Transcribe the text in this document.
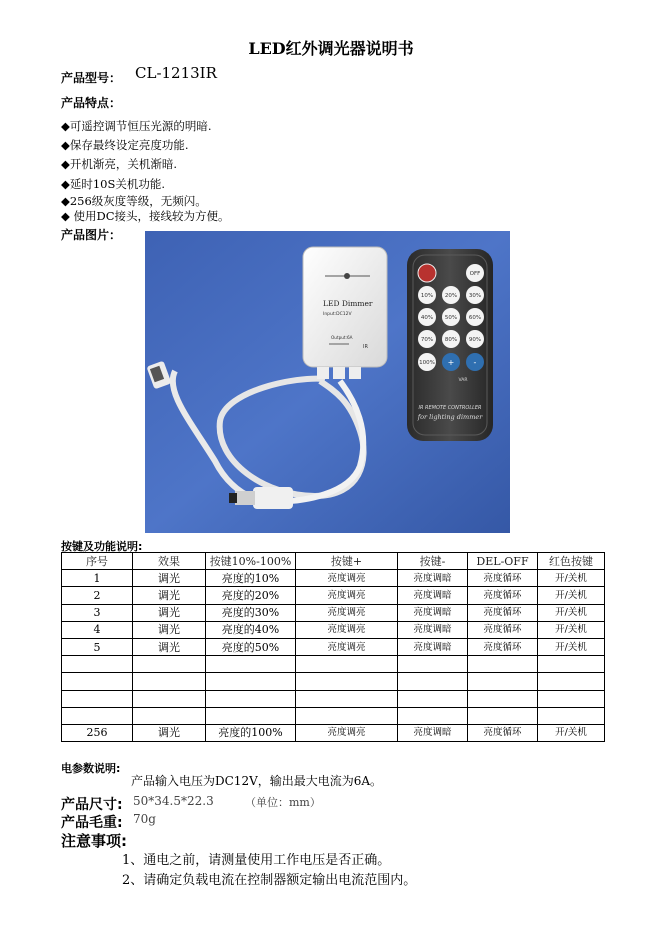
LED红外调光器说明书
产品型号： CL-1213IR
产品特点：
◆可遥控调节恒压光源的明暗.
◆保存最终设定亮度功能.
◆开机渐亮，关机渐暗.
◆延时10S关机功能.
◆256级灰度等级，无频闪。
◆ 使用DC接头，接线较为方便。
产品图片：
LED Dimmer
Input:DC12V
Output:6A
IR
OFF
10% 20% 30%
40% 50% 60%
70% 80% 90%
100% + -
VAR
IR REMOTE CONTROLLER
for lighting dimmer
按键及功能说明:
序号	效果	按键10%-100%	按键+	按键-	DEL-OFF	红色按键
1	调光	亮度的10%	亮度调亮	亮度调暗	亮度循环	开/关机
2	调光	亮度的20%	亮度调亮	亮度调暗	亮度循环	开/关机
3	调光	亮度的30%	亮度调亮	亮度调暗	亮度循环	开/关机
4	调光	亮度的40%	亮度调亮	亮度调暗	亮度循环	开/关机
5	调光	亮度的50%	亮度调亮	亮度调暗	亮度循环	开/关机

256	调光	亮度的100%	亮度调亮	亮度调暗	亮度循环	开/关机
电参数说明:
产品输入电压为DC12V，输出最大电流为6A。
产品尺寸: 50*34.5*22.3	（单位：mm）
产品毛重: 70g
注意事项:
1、通电之前，请测量使用工作电压是否正确。
2、请确定负载电流在控制器额定输出电流范围内。
